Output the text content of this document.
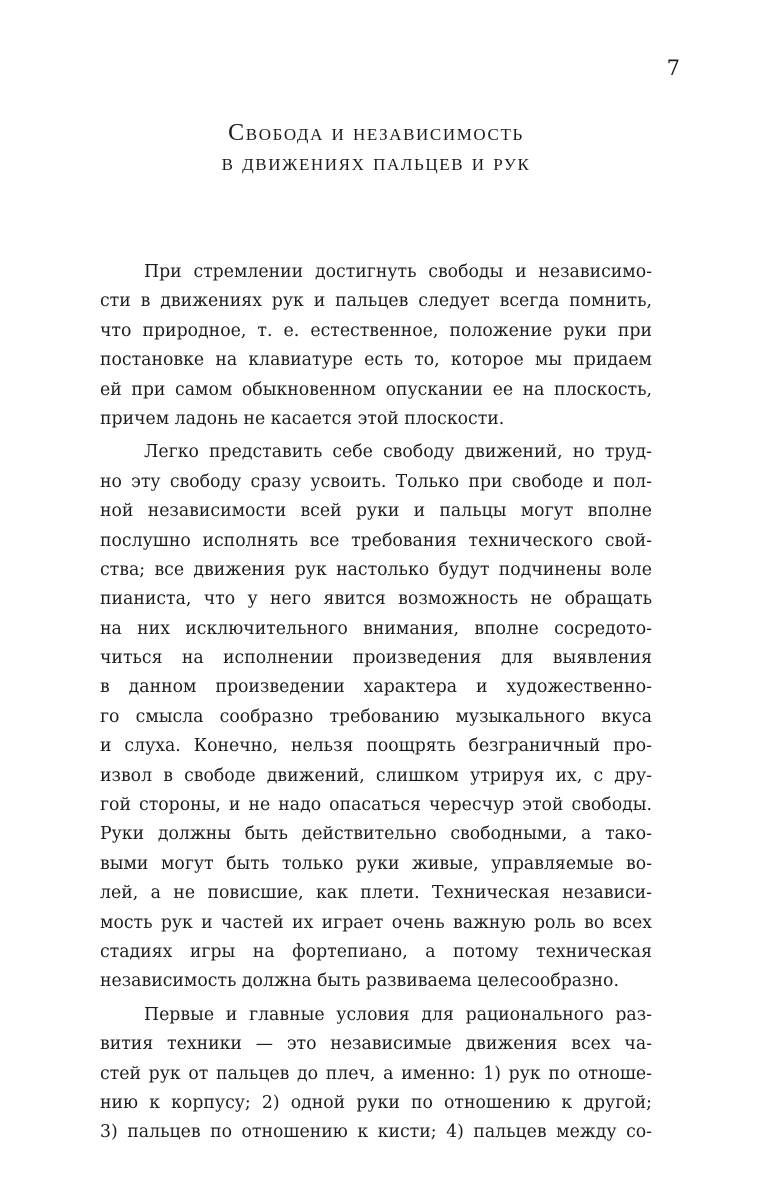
7
Свобода и независимость
в движениях пальцев и рук
При стремлении достигнуть свободы и независимо-
сти в движениях рук и пальцев следует всегда помнить,
что природное, т. е. естественное, положение руки при
постановке на клавиатуре есть то, которое мы придаем
ей при самом обыкновенном опускании ее на плоскость,
причем ладонь не касается этой плоскости.
Легко представить себе свободу движений, но труд-
но эту свободу сразу усвоить. Только при свободе и пол-
ной независимости всей руки и пальцы могут вполне
послушно исполнять все требования технического свой-
ства; все движения рук настолько будут подчинены воле
пианиста, что у него явится возможность не обращать
на них исключительного внимания, вполне сосредото-
читься на исполнении произведения для выявления
в данном произведении характера и художественно-
го смысла сообразно требованию музыкального вкуса
и слуха. Конечно, нельзя поощрять безграничный про-
извол в свободе движений, слишком утрируя их, с дру-
гой стороны, и не надо опасаться чересчур этой свободы.
Руки должны быть действительно свободными, а тако-
выми могут быть только руки живые, управляемые во-
лей, а не повисшие, как плети. Техническая независи-
мость рук и частей их играет очень важную роль во всех
стадиях игры на фортепиано, а потому техническая
независимость должна быть развиваема целесообразно.
Первые и главные условия для рационального раз-
вития техники — это независимые движения всех ча-
стей рук от пальцев до плеч, а именно: 1) рук по отноше-
нию к корпусу; 2) одной руки по отношению к другой;
3) пальцев по отношению к кисти; 4) пальцев между со-
